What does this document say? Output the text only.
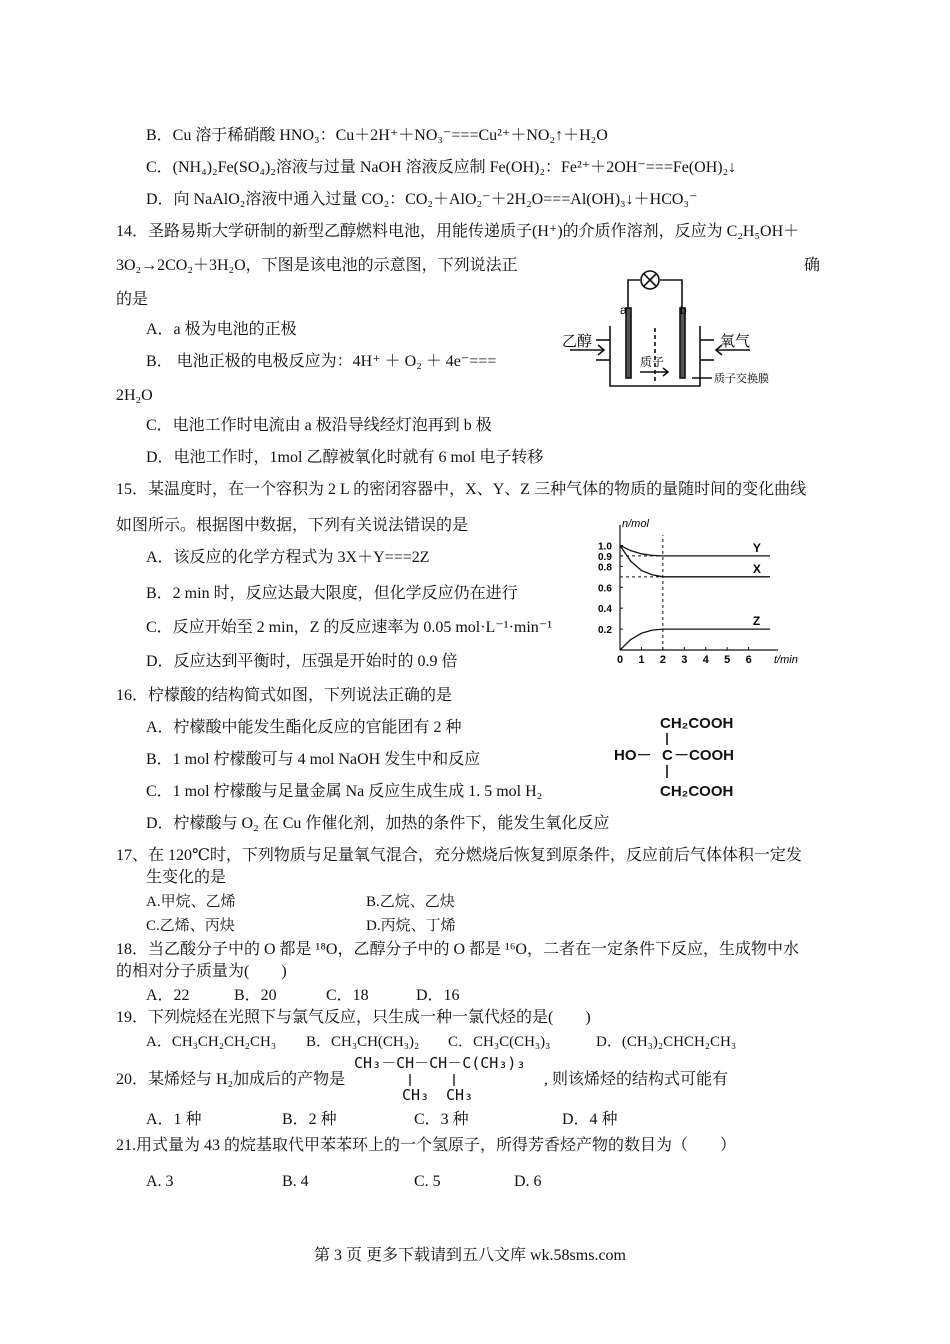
B．Cu 溶于稀硝酸 HNO₃：Cu＋2H⁺＋NO₃⁻===Cu²⁺＋NO₂↑＋H₂O
C．(NH₄)₂Fe(SO₄)₂溶液与过量 NaOH 溶液反应制 Fe(OH)₂：Fe²⁺＋2OH⁻===Fe(OH)₂↓
D．向 NaAlO₂溶液中通入过量 CO₂：CO₂＋AlO₂⁻＋2H₂O===Al(OH)₃↓＋HCO₃⁻
14．圣路易斯大学研制的新型乙醇燃料电池，用能传递质子(H⁺)的介质作溶剂，反应为 C₂H₅OH＋
3O₂→2CO₂＋3H₂O，下图是该电池的示意图，下列说法正	确
的是
A．a 极为电池的正极
B． 电池正极的电极反应为：4H⁺ ＋ O₂ ＋ 4e⁻===
2H₂O
C．电池工作时电流由 a 极沿导线经灯泡再到 b 极
D．电池工作时，1mol 乙醇被氧化时就有 6 mol 电子转移
a	b
乙醇	氧气
质子
质子交换膜
15．某温度时，在一个容积为 2 L 的密闭容器中，X、Y、Z 三种气体的物质的量随时间的变化曲线
如图所示。根据图中数据，下列有关说法错误的是
A．该反应的化学方程式为 3X＋Y===2Z
B．2 min 时，反应达最大限度，但化学反应仍在进行
C．反应开始至 2 min，Z 的反应速率为 0.05 mol·L⁻¹·min⁻¹
D．反应达到平衡时，压强是开始时的 0.9 倍
n/mol
t/min
0 1 2 3 4 5 6
0.2
0.4
0.6
0.8
0.9
1.0	Y
X
Z
16．柠檬酸的结构简式如图，下列说法正确的是
A．柠檬酸中能发生酯化反应的官能团有 2 种
B．1 mol 柠檬酸可与 4 mol NaOH 发生中和反应
C．1 mol 柠檬酸与足量金属 Na 反应生成生成 1. 5 mol H₂
D．柠檬酸与 O₂ 在 Cu 作催化剂，加热的条件下，能发生氧化反应
CH₂COOH
HO－ C －COOH
CH₂COOH
17、在 120℃时，下列物质与足量氧气混合，充分燃烧后恢复到原条件，反应前后气体体积一定发
生变化的是
A.甲烷、乙烯	B.乙烷、乙炔
C.乙烯、丙炔	D.丙烷、丁烯
18．当乙酸分子中的 O 都是 ¹⁸O，乙醇分子中的 O 都是 ¹⁶O，二者在一定条件下反应，生成物中水
的相对分子质量为(　　)
A．22	B．20	C．18	D．16
19．下列烷烃在光照下与氯气反应，只生成一种一氯代烃的是(　　)
A．CH₃CH₂CH₂CH₃ B．CH₃CH(CH₃)₂ C．CH₃C(CH₃)₃	D．(CH₃)₂CHCH₂CH₃
20．某烯烃与 H₂加成后的产物是
CH₃－CH－CH－C(CH₃)₃
CH₃ CH₃
, 则该烯烃的结构式可能有
A．1 种	B．2 种	C．3 种	D．4 种
21.用式量为 43 的烷基取代甲苯苯环上的一个氢原子，所得芳香烃产物的数目为（　　）
A. 3	B. 4	C. 5	D. 6
第 3 页 更多下载请到五八文库 wk.58sms.com
